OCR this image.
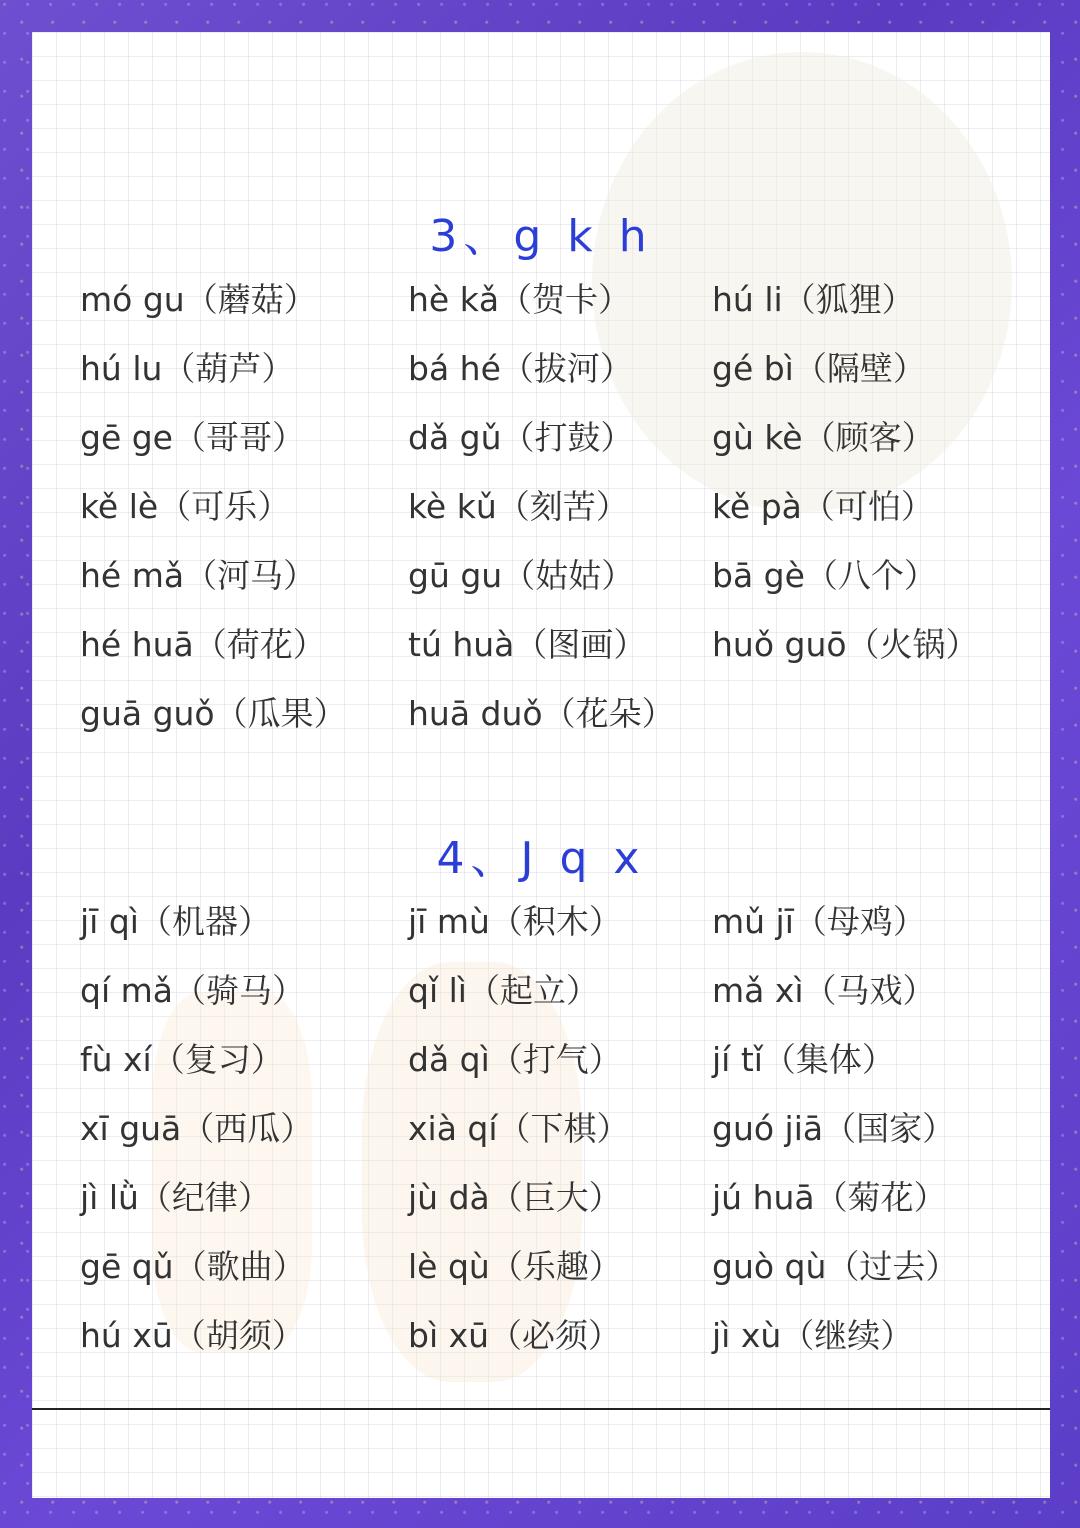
3、g k h
mó gu（蘑菇）	hè kǎ（贺卡） hú li（狐狸）
hú lu（葫芦）	bá hé（拔河） gé bì（隔壁）
gē ge（哥哥）	dǎ gǔ（打鼓） gù kè（顾客）
kě lè（可乐）	kè kǔ（刻苦）	kě pà（可怕）
hé mǎ（河马）	gū gu（姑姑） bā gè（八个）
hé huā（荷花） tú huà（图画） huǒ guō（火锅）
guā guǒ（瓜果） huā duǒ（花朵）
4、J q x
jī qì（机器）	jī mù（积木）	mǔ jī（母鸡）
qí mǎ（骑马）	qǐ lì（起立）	mǎ xì（马戏）
fù xí（复习）	dǎ qì（打气）	jí tǐ（集体）
xī guā（西瓜）	xià qí（下棋） guó jiā（国家）
jì lǜ（纪律）	jù dà（巨大）	jú huā（菊花）
gē qǔ（歌曲）	lè qù（乐趣）	guò qù（过去）
hú xū（胡须）	bì xū（必须）	jì xù（继续）
